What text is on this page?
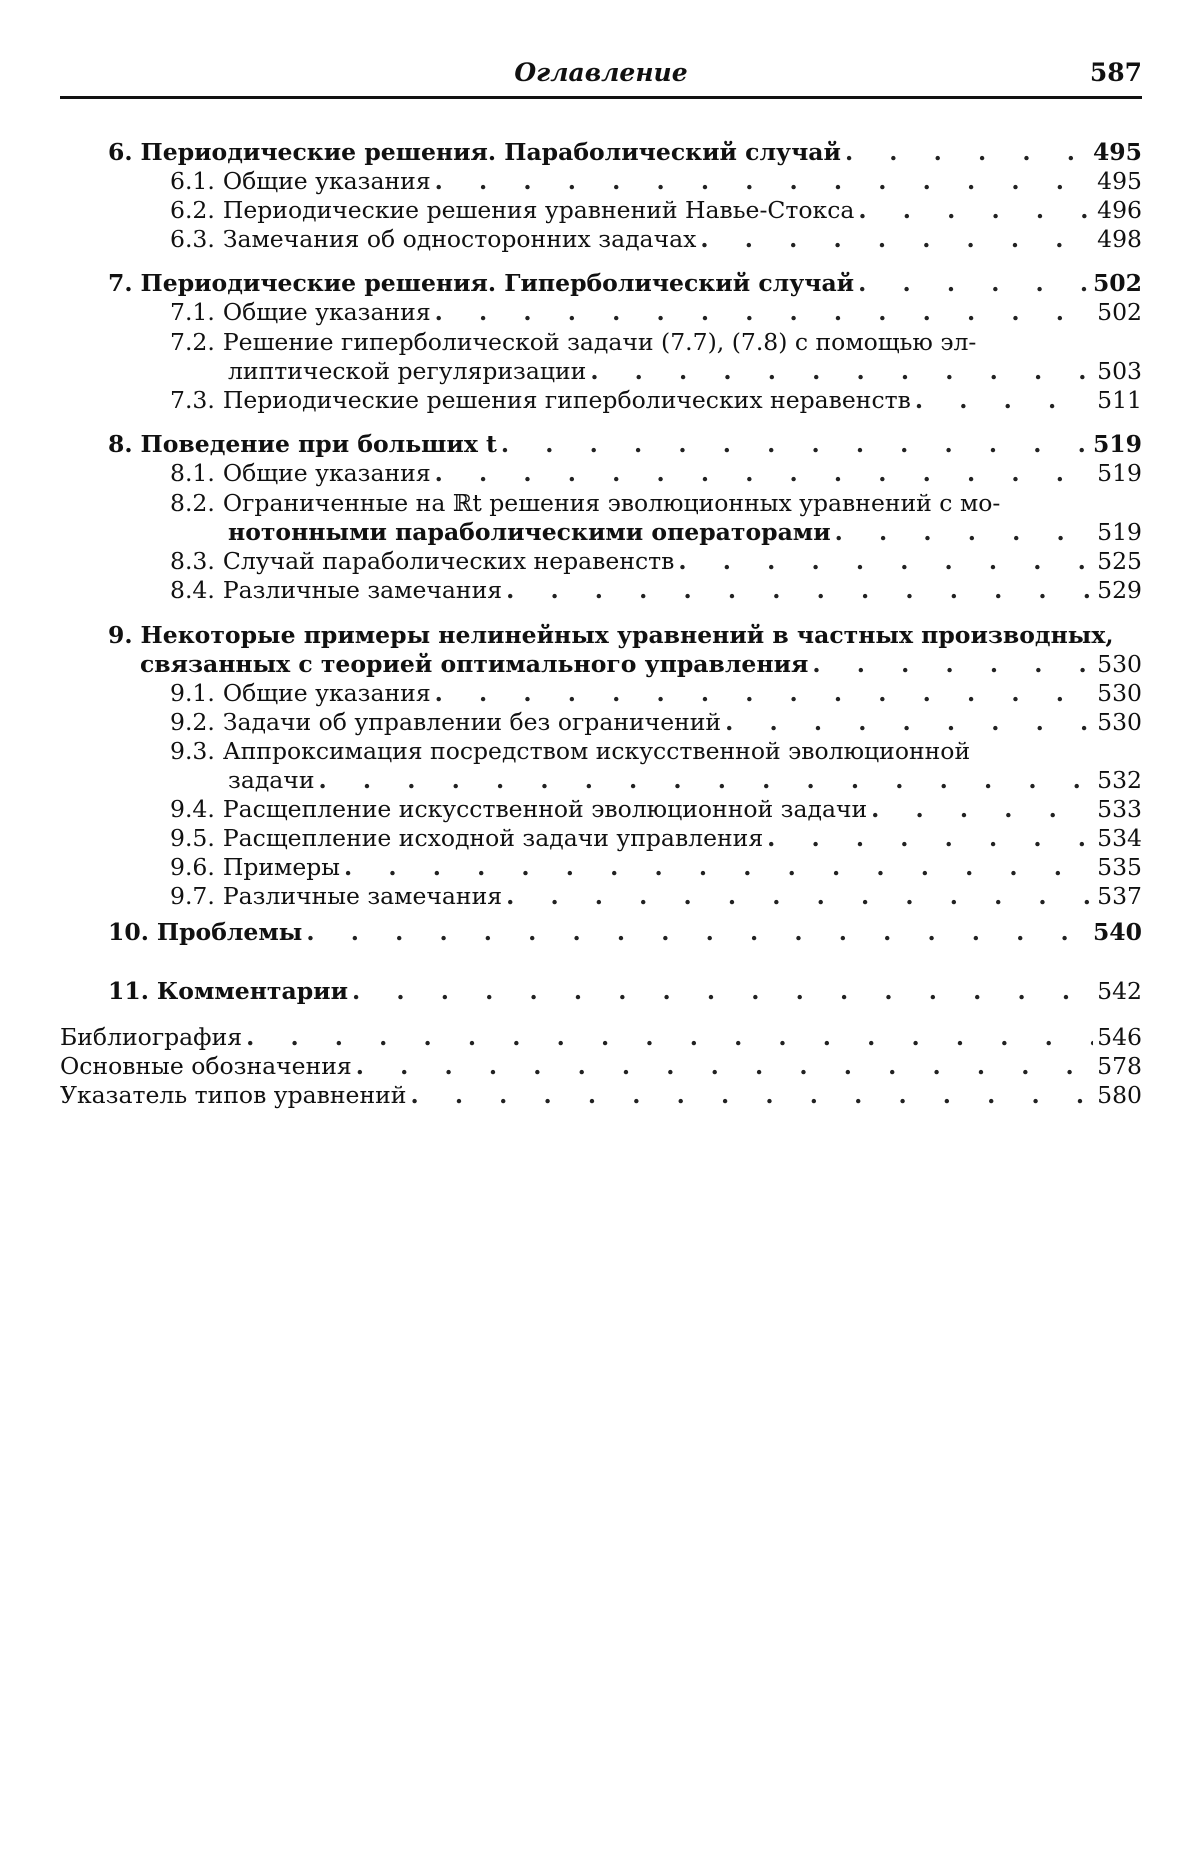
Оглавление	587
6. Периодические решения. Параболический случай
. . .	495
6.1. Общие указания
. . .	495
6.2. Периодические решения уравнений Навье-Стокса
. . .	496
6.3. Замечания об односторонних задачах
. . .	498
7. Периодические решения. Гиперболический случай
. . .	502
7.1. Общие указания
. . .	502
7.2. Решение гиперболической задачи (7.7), (7.8) с помощью эл-
липтической регуляризации
. . .	503
7.3. Периодические решения гиперболических неравенств
. . .	511
8. Поведение при больших t
. . .	519
8.1. Общие указания
. . .	519
8.2. Ограниченные на ℝt решения эволюционных уравнений с мо-
нотонными параболическими операторами
. . .	519
8.3. Случай параболических неравенств
. . .	525
8.4. Различные замечания
. . .	529
9. Некоторые примеры нелинейных уравнений в частных производных,
связанных с теорией оптимального управления
. . .	530
9.1. Общие указания
. . .	530
9.2. Задачи об управлении без ограничений
. . .	530
9.3. Аппроксимация посредством искусственной эволюционной
задачи
. . .	532
9.4. Расщепление искусственной эволюционной задачи
. . .	533
9.5. Расщепление исходной задачи управления
. . .	534
9.6. Примеры
. . .	535
9.7. Различные замечания
. . .	537
10. Проблемы
. . .	540
11. Комментарии
. . .	542
Библиография
. . .	546
Основные обозначения
. . .	578
Указатель типов уравнений
. . .	580
